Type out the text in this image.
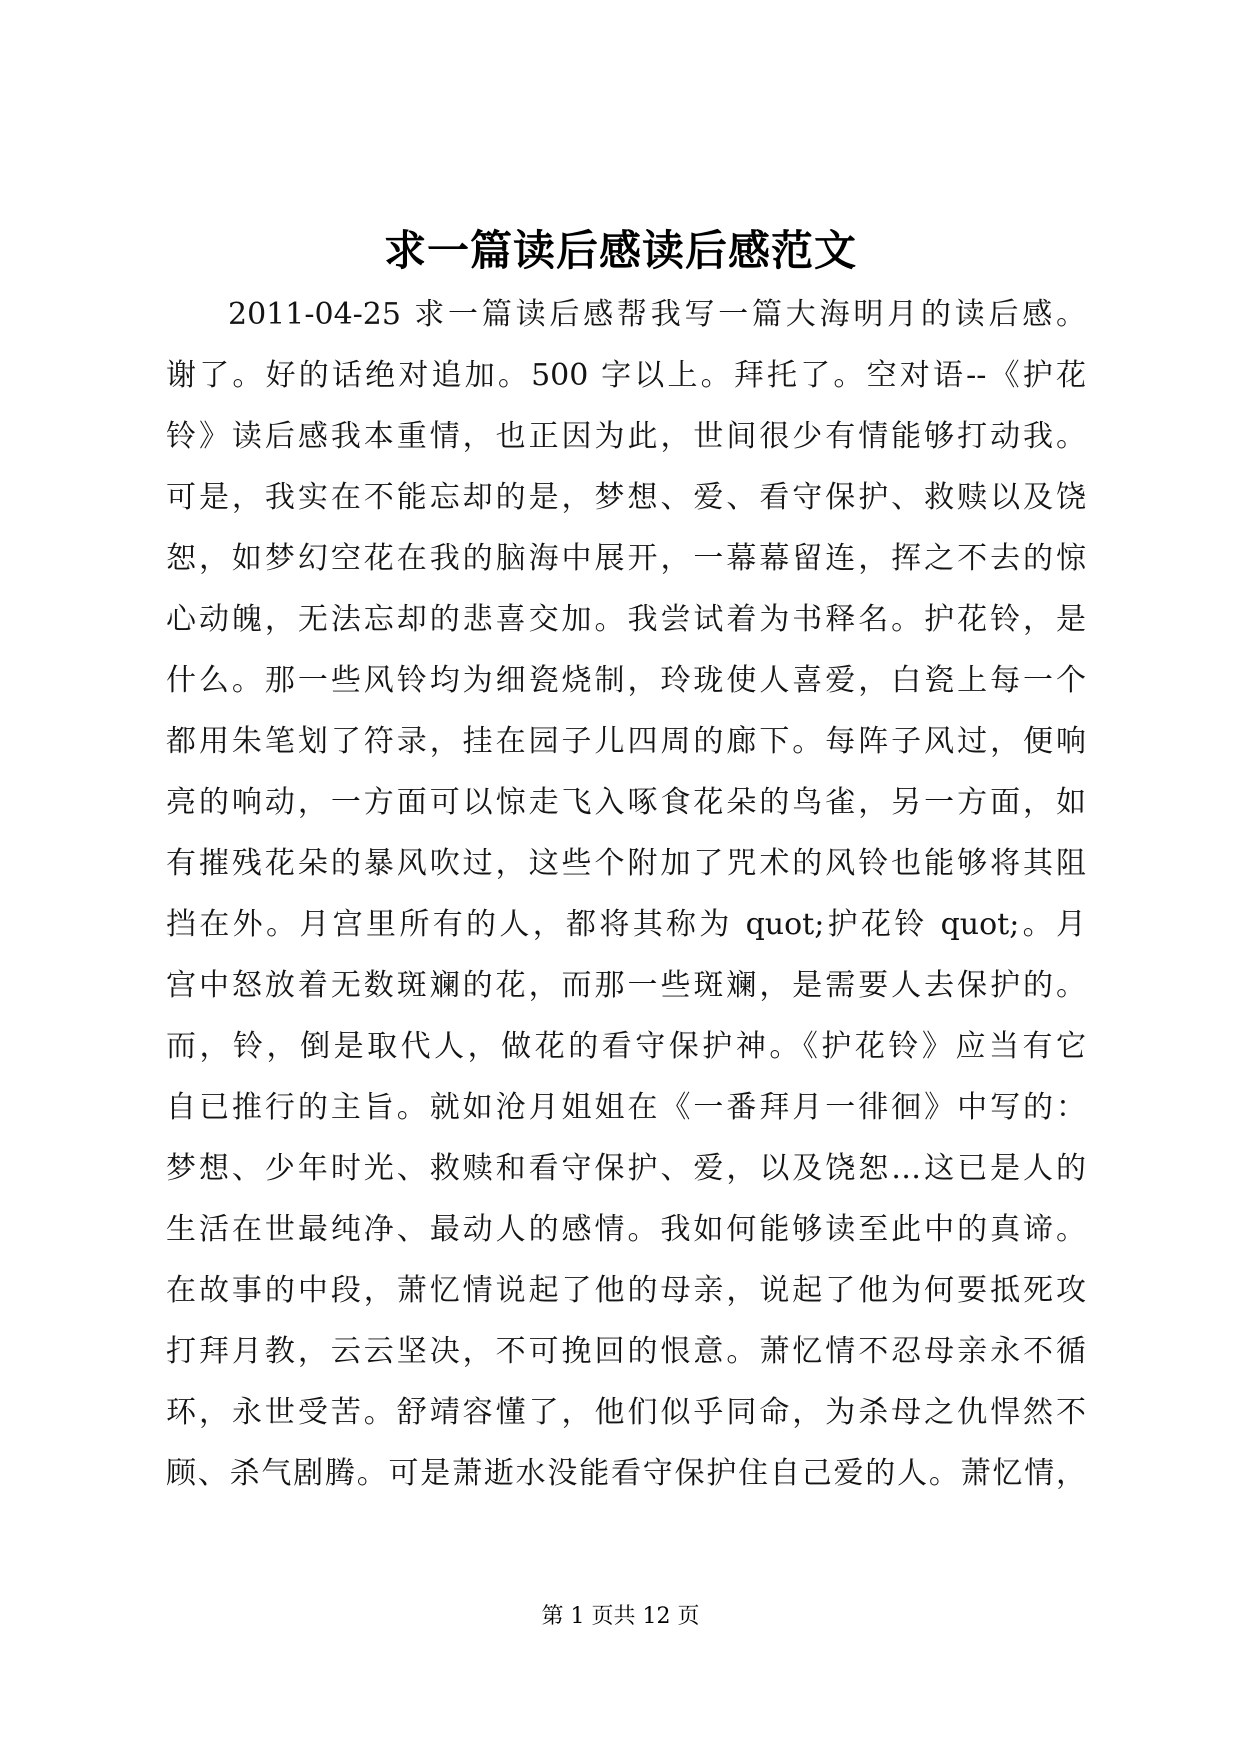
求一篇读后感读后感范文
2011-04-25 求一篇读后感帮我写一篇大海明月的读后感。
谢了。好的话绝对追加。500 字以上。拜托了。空对语--《护花
铃》读后感我本重情，也正因为此，世间很少有情能够打动我。
可是，我实在不能忘却的是，梦想、爱、看守保护、救赎以及饶
恕，如梦幻空花在我的脑海中展开，一幕幕留连，挥之不去的惊
心动魄，无法忘却的悲喜交加。我尝试着为书释名。护花铃，是
什么。那一些风铃均为细瓷烧制，玲珑使人喜爱，白瓷上每一个
都用朱笔划了符录，挂在园子儿四周的廊下。每阵子风过，便响
亮的响动，一方面可以惊走飞入啄食花朵的鸟雀，另一方面，如
有摧残花朵的暴风吹过，这些个附加了咒术的风铃也能够将其阻
挡在外。月宫里所有的人，都将其称为 quot;护花铃 quot;。月
宫中怒放着无数斑斓的花，而那一些斑斓，是需要人去保护的。
而，铃，倒是取代人，做花的看守保护神。《护花铃》应当有它
自已推行的主旨。就如沧月姐姐在《一番拜月一徘徊》中写的：
梦想、少年时光、救赎和看守保护、爱，以及饶恕…这已是人的
生活在世最纯净、最动人的感情。我如何能够读至此中的真谛。
在故事的中段，萧忆情说起了他的母亲，说起了他为何要抵死攻
打拜月教，云云坚决，不可挽回的恨意。萧忆情不忍母亲永不循
环，永世受苦。舒靖容懂了，他们似乎同命，为杀母之仇悍然不
顾、杀气剧腾。可是萧逝水没能看守保护住自己爱的人。萧忆情，
第 1 页共 12 页
